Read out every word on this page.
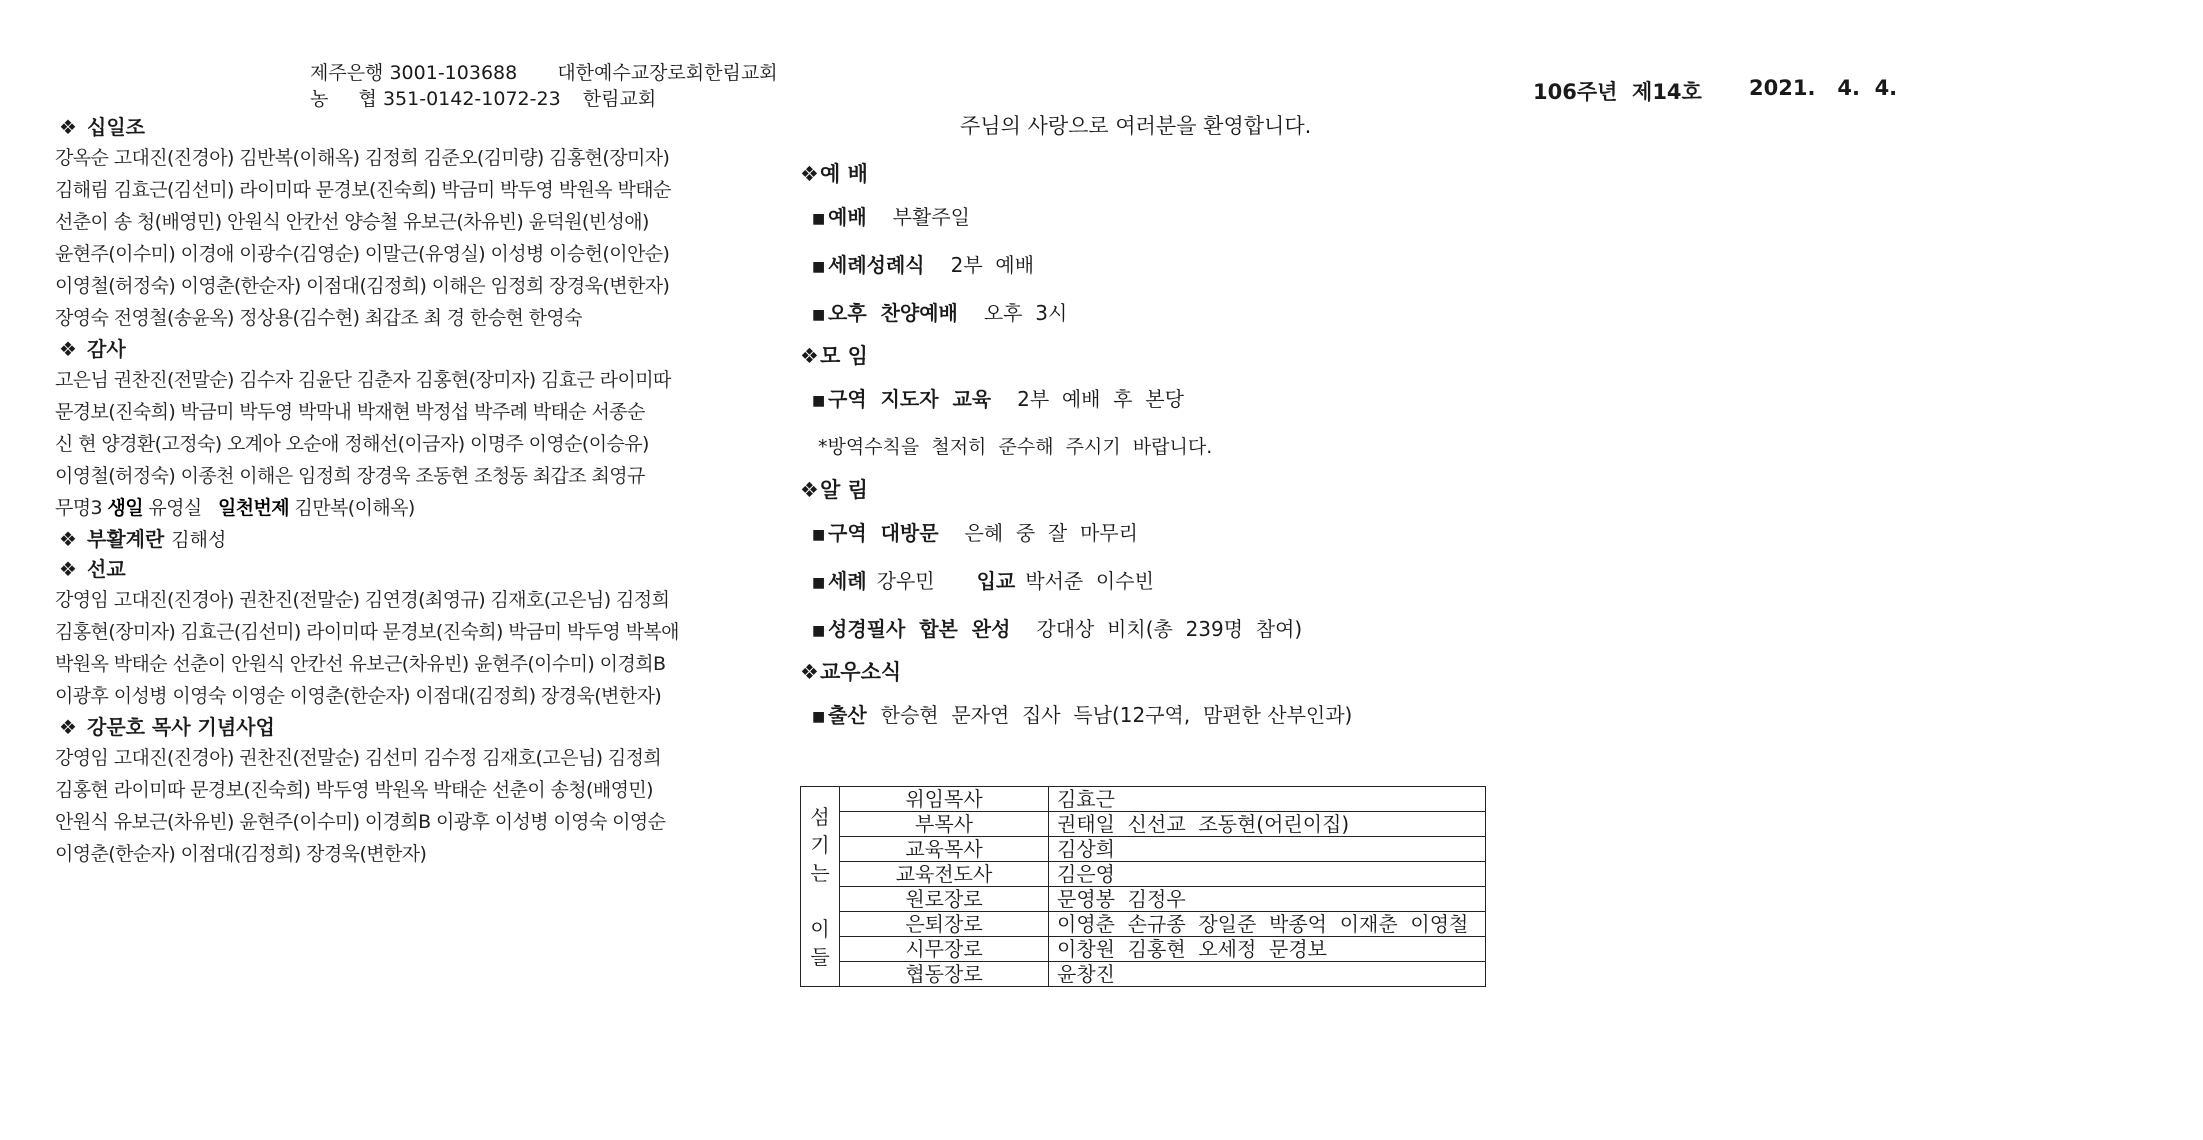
제주은행 3001-103688 대한예수교장로회한림교회
농     협 351-0142-1072-23 한림교회	106주년  제14호 2021.   4.  4.
주님의 사랑으로 여러분을 환영합니다.
❖ 십일조
강옥순 고대진(진경아) 김반복(이해옥) 김정희 김준오(김미량) 김홍현(장미자)
김해림 김효근(김선미) 라이미따 문경보(진숙희) 박금미 박두영 박원옥 박태순
선춘이 송 청(배영민) 안원식 안칸선 양승철 유보근(차유빈) 윤덕원(빈성애)
윤현주(이수미) 이경애 이광수(김영순) 이말근(유영실) 이성병 이승헌(이안순)
이영철(허정숙) 이영춘(한순자) 이점대(김정희) 이해은 임정희 장경욱(변한자)
장영숙 전영철(송윤옥) 정상용(김수현) 최갑조 최 경 한승현 한영숙
❖ 감사
고은님 권찬진(전말순) 김수자 김윤단 김춘자 김홍현(장미자) 김효근 라이미따
문경보(진숙희) 박금미 박두영 박막내 박재현 박정섭 박주례 박태순 서종순
신 현 양경환(고정숙) 오계아 오순애 정해선(이금자) 이명주 이영순(이승유)
이영철(허정숙) 이종천 이해은 임정희 장경욱 조동현 조청동 최갑조 최영규
무명3 생일 유영실 일천번제 김만복(이해옥)
❖ 부활계란 김해성
❖ 선교
강영임 고대진(진경아) 권찬진(전말순) 김연경(최영규) 김재호(고은님) 김정희
김홍현(장미자) 김효근(김선미) 라이미따 문경보(진숙희) 박금미 박두영 박복애
박원옥 박태순 선춘이 안원식 안칸선 유보근(차유빈) 윤현주(이수미) 이경희B
이광후 이성병 이영숙 이영순 이영춘(한순자) 이점대(김정희) 장경욱(변한자)
❖ 강문호 목사 기념사업
강영임 고대진(진경아) 권찬진(전말순) 김선미 김수정 김재호(고은님) 김정희
김홍현 라이미따 문경보(진숙희) 박두영 박원옥 박태순 선춘이 송청(배영민)
안원식 유보근(차유빈) 윤현주(이수미) 이경희B 이광후 이성병 이영숙 이영순
이영춘(한순자) 이점대(김정희) 장경욱(변한자)
❖예 배
■ 예배 부활주일
■ 세례성례식 2부  예배
■ 오후  찬양예배 오후  3시
❖모 임
■ 구역  지도자  교육 2부  예배  후  본당
*방역수칙을  철저히  준수해  주시기  바랍니다.
❖알 림
■ 구역  대방문 은혜  중  잘  마무리
■ 세례 강우민 입교 박서준  이수빈
■ 성경필사  합본  완성 강대상  비치(총  239명  참여)
❖교우소식
■ 출산 한승현  문자연  집사  득남(12구역,  맘편한 산부인과)
섬
기
는

이
들	위임목사	김효근
	부목사	권태일  신선교  조동현(어린이집)
	교육목사	김상희
	교육전도사	김은영
	원로장로	문영봉  김정우
	은퇴장로	이영춘  손규종  장일준  박종억  이재춘  이영철
	시무장로	이창원  김홍현  오세정  문경보
	협동장로	윤창진
